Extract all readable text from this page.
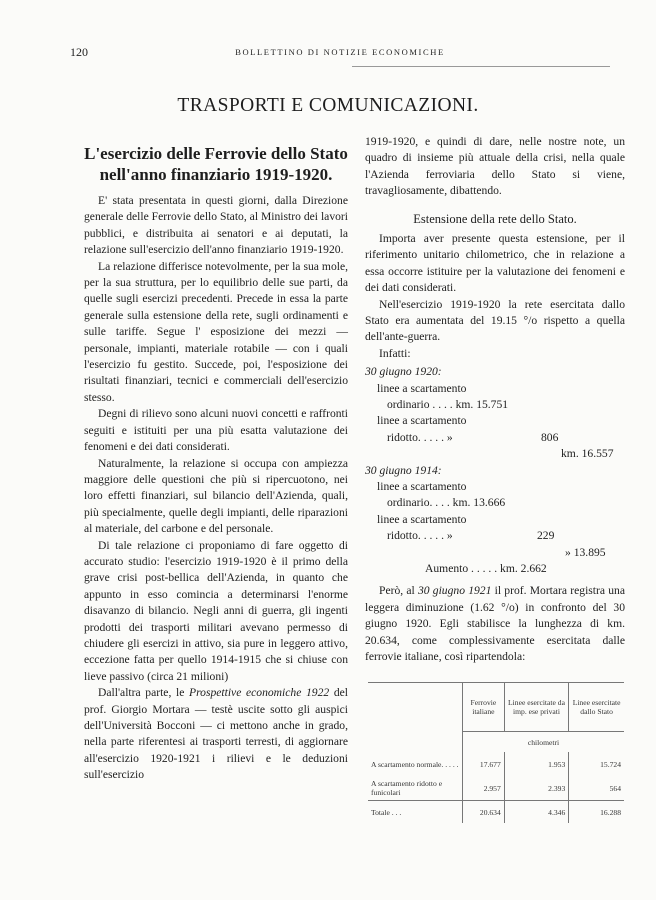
120	BOLLETTINO DI NOTIZIE ECONOMICHE
TRASPORTI E COMUNICAZIONI.
L'esercizio delle Ferrovie dello Stato
nell'anno finanziario 1919-1920.

E' stata presentata in questi giorni, dalla Direzione generale delle Ferrovie dello Stato, al Ministro dei lavori pubblici, e distribuita ai senatori e ai deputati, la relazione sull'esercizio dell'anno finanziario 1919-1920.

La relazione differisce notevolmente, per la sua mole, per la sua struttura, per lo equilibrio delle sue parti, da quelle sugli esercizi precedenti. Precede in essa la parte generale sulla estensione della rete, sugli ordinamenti e sulle tariffe. Segue l' esposizione dei mezzi — personale, impianti, materiale rotabile — con i quali l'esercizio fu gestito. Succede, poi, l'esposizione dei risultati finanziari, tecnici e commerciali dell'esercizio stesso.

Degni di rilievo sono alcuni nuovi concetti e raffronti seguiti e istituiti per una più esatta valutazione dei fenomeni e dei dati considerati.

Naturalmente, la relazione si occupa con ampiezza maggiore delle questioni che più si ripercuotono, nei loro effetti finanziari, sul bilancio dell'Azienda, quali, più specialmente, quelle degli impianti, delle riparazioni al materiale, del carbone e del personale.

Di tale relazione ci proponiamo di fare oggetto di accurato studio: l'esercizio 1919-1920 è il primo della grave crisi post-bellica dell'Azienda, in quanto che appunto in esso cominciа a determinarsi l'enorme disavanzo di bilancio. Negli anni di guerra, gli ingenti prodotti dei trasporti militari avevano permesso di chiudere gli esercizi in attivo, sia pure in leggero attivo, eccezione fatta per quello 1914-1915 che si chiuse con lieve passivo (circa 21 milioni)

Dall'altra parte, le Prospettive economiche 1922 del prof. Giorgio Mortara — testè uscite sotto gli auspici dell'Università Bocconi — ci mettono anche in grado, nella parte riferentesi ai trasporti terresti, di aggiornare all'esercizio 1920-1921 i rilievi e le deduzioni sull'esercizio

1919-1920, e quindi di dare, nelle nostre note, un quadro di insieme più attuale della crisi, nella quale l'Azienda ferroviaria dello Stato si viene, travagliosamente, dibattendo.

Estensione della rete dello Stato.

Importa aver presente questa estensione, per il riferimento unitario chilometrico, che in relazione a essa occorre istituire per la valutazione dei fenomeni e dei dati considerati.

Nell'esercizio 1919-1920 la rete esercitata dallo Stato era aumentata del 19.15 °/o rispetto a quella dell'ante-guerra.

Infatti:

30 giugno 1920:

linee a scartamento
ordinario . . . . km. 15.751
linee a scartamento
ridotto. . . . . »	806
km. 16.557

30 giugno 1914:

linee a scartamento
ordinario. . . . km. 13.666
linee a scartamento
ridotto. . . . . »	229
» 13.895
Aumento . . . . . km. 2.662

Però, al 30 giugno 1921 il prof. Mortara registra una leggera diminuzione (1.62 °/o) in confronto del 30 giugno 1920. Egli stabilisce la lunghezza di km. 20.634, come complessivamente esercitata dalle ferrovie italiane, così ripartendola:

	Ferrovie italiane	Linee esercitate da imp. ese privati	Linee esercitate dallo Stato
	chilometri		
A scartamento normale. . . . .	17.677	1.953	15.724
A scartamento ridotto e funicolari	2.957	2.393	564
Totale . . .	20.634	4.346	16.288
